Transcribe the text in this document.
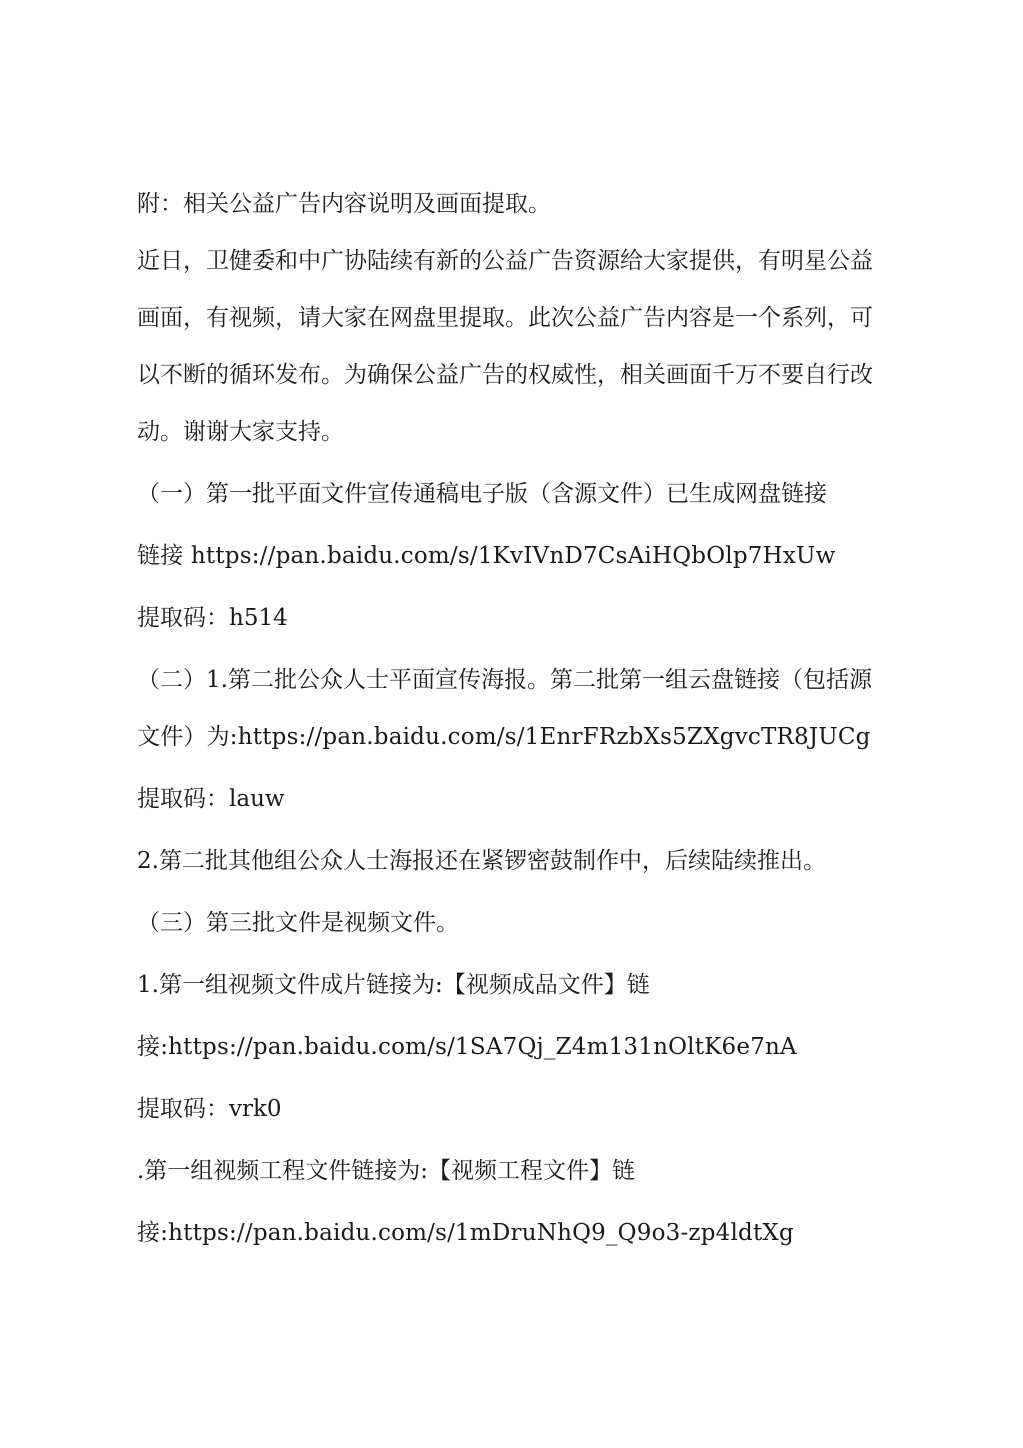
附：相关公益广告内容说明及画面提取。

近日，卫健委和中广协陆续有新的公益广告资源给大家提供，有明星公益

画面，有视频，请大家在网盘里提取。此次公益广告内容是一个系列，可

以不断的循环发布。为确保公益广告的权威性，相关画面千万不要自行改

动。谢谢大家支持。

（一）第一批平面文件宣传通稿电子版（含源文件）已生成网盘链接

链接 https://pan.baidu.com/s/1KvIVnD7CsAiHQbOlp7HxUw

提取码：h514

（二）1.第二批公众人士平面宣传海报。第二批第一组云盘链接（包括源

文件）为:https://pan.baidu.com/s/1EnrFRzbXs5ZXgvcTR8JUCg

提取码：lauw

2.第二批其他组公众人士海报还在紧锣密鼓制作中，后续陆续推出。

（三）第三批文件是视频文件。

1.第一组视频文件成片链接为:【视频成品文件】链

接:https://pan.baidu.com/s/1SA7Qj_Z4m131nOltK6e7nA

提取码：vrk0

.第一组视频工程文件链接为:【视频工程文件】链

接:https://pan.baidu.com/s/1mDruNhQ9_Q9o3-zp4ldtXg
